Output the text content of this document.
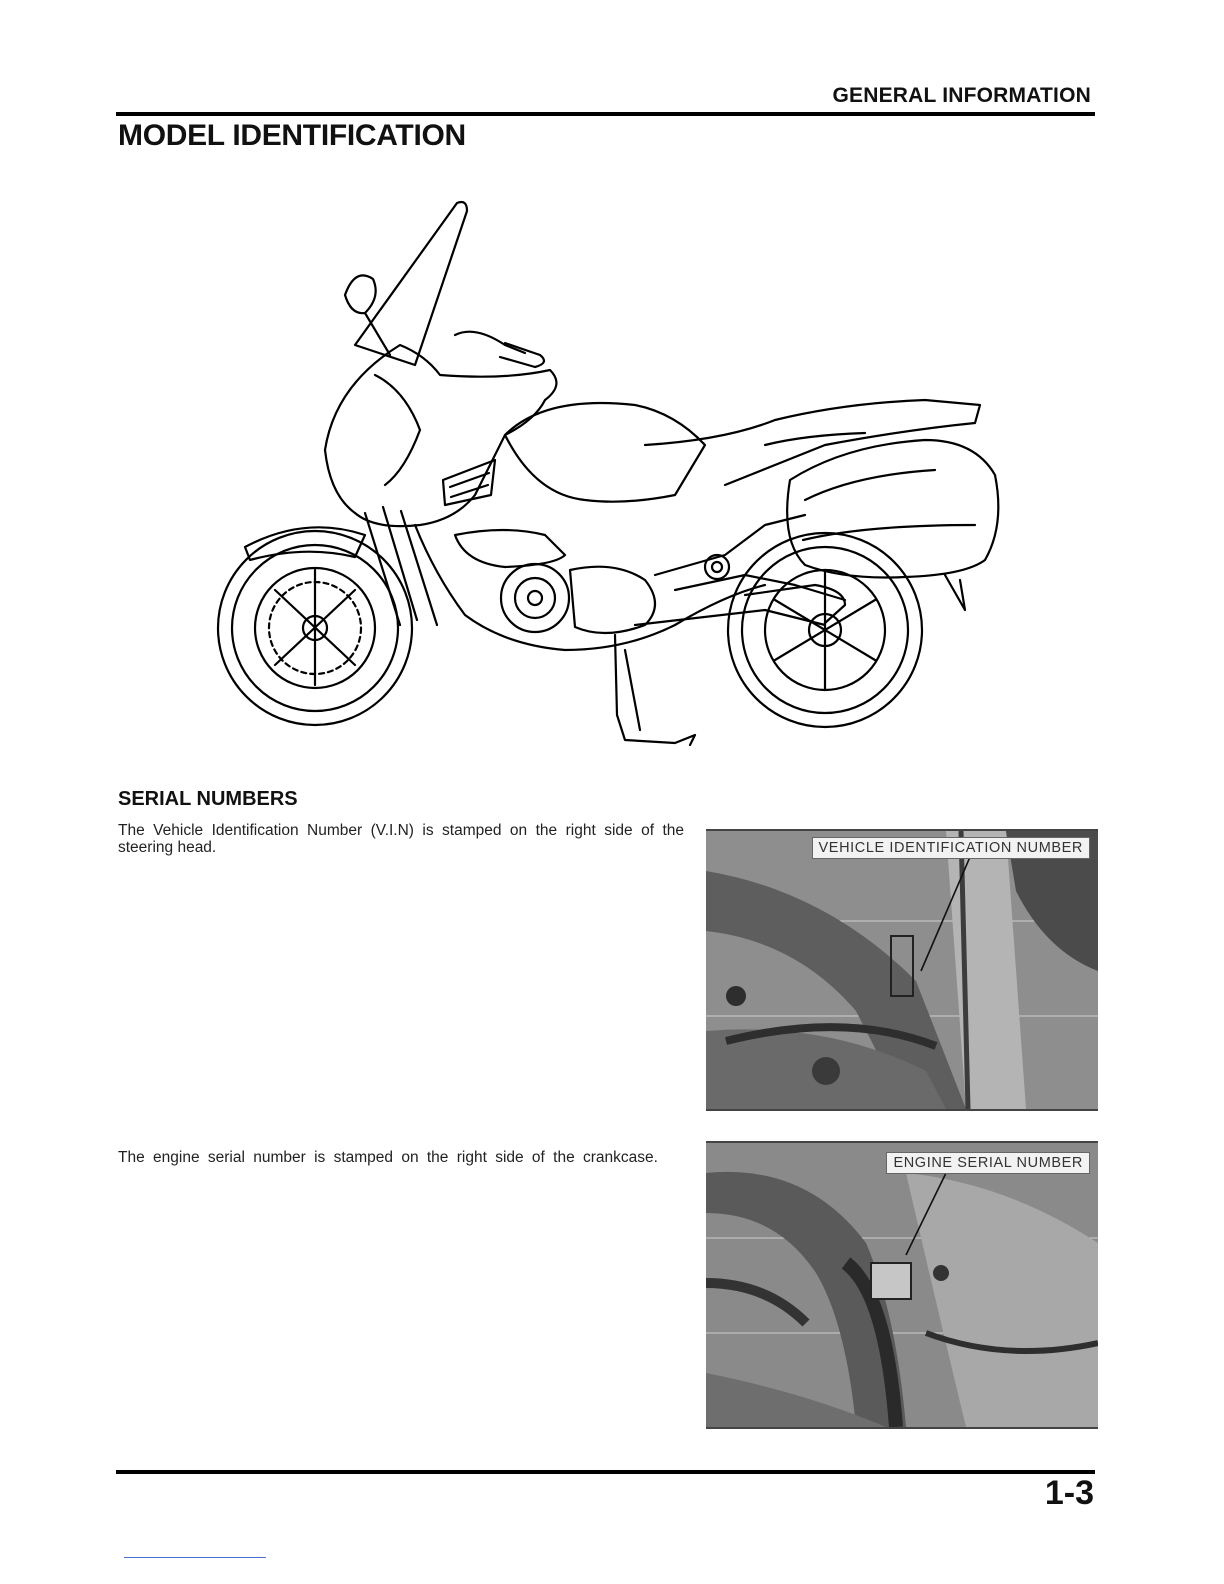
GENERAL INFORMATION
MODEL IDENTIFICATION
SERIAL NUMBERS
The Vehicle Identification Number (V.I.N) is stamped on the right side of the steering head.	VEHICLE IDENTIFICATION NUMBER
The engine serial number is stamped on the right side of the crankcase.	ENGINE SERIAL NUMBER
1-3
